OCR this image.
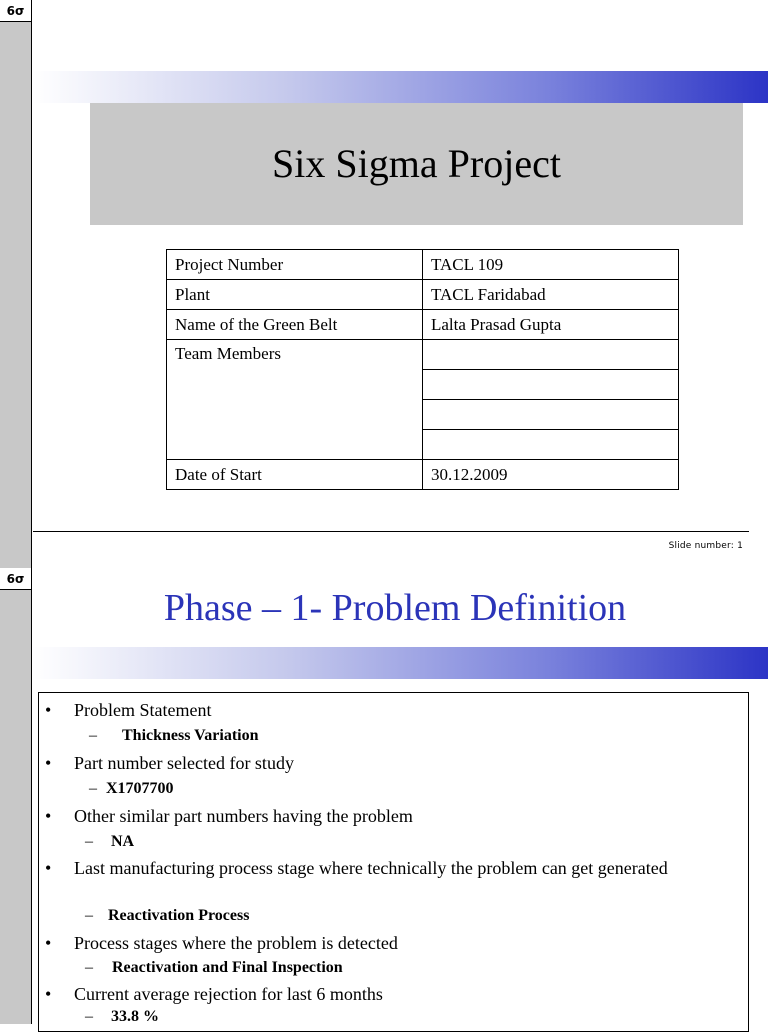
6σ
Six Sigma Project
Project Number	TACL 109
Plant	TACL Faridabad
Name of the Green Belt	Lalta Prasad Gupta
Team Members	

Date of Start	30.12.2009
Slide number: 1
6σ
Phase – 1- Problem Definition
• Problem Statement
– Thickness Variation
• Part number selected for study
– X1707700
• Other similar part numbers having the problem
– NA
• Last manufacturing process stage where technically the problem can get generated
– Reactivation Process
• Process stages where the problem is detected
– Reactivation and Final Inspection
• Current average rejection for last 6 months
– 33.8 %
